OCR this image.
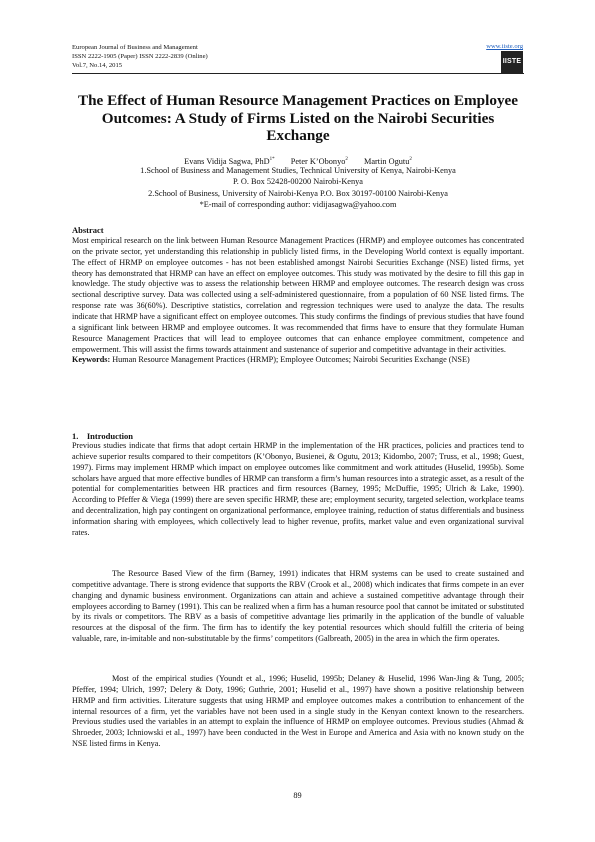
European Journal of Business and Management
ISSN 2222-1905 (Paper) ISSN 2222-2839 (Online)
Vol.7, No.14, 2015
www.iiste.org
IISTE
The Effect of Human Resource Management Practices on Employee Outcomes: A Study of Firms Listed on the Nairobi Securities Exchange
Evans Vidija Sagwa, PhD$^{1*}$ Peter K’Obonyo$^2$ Martin Ogutu$^2$
1.School of Business and Management Studies, Technical University of Kenya, Nairobi-Kenya
P. O. Box 52428-00200 Nairobi-Kenya
2.School of Business, University of Nairobi-Kenya P.O. Box 30197-00100 Nairobi-Kenya
*E-mail of corresponding author: vidijasagwa@yahoo.com
Abstract
Most empirical research on the link between Human Resource Management Practices (HRMP) and employee outcomes has concentrated on the private sector, yet understanding this relationship in publicly listed firms, in the Developing World context is equally important. The effect of HRMP on employee outcomes - has not been established amongst Nairobi Securities Exchange (NSE) listed firms, yet theory has demonstrated that HRMP can have an effect on employee outcomes. This study was motivated by the desire to fill this gap in knowledge. The study objective was to assess the relationship between HRMP and employee outcomes. The research design was cross sectional descriptive survey. Data was collected using a self-administered questionnaire, from a population of 60 NSE listed firms. The response rate was 36(60%). Descriptive statistics, correlation and regression techniques were used to analyze the data. The results indicate that HRMP have a significant effect on employee outcomes. This study confirms the findings of previous studies that have found a significant link between HRMP and employee outcomes. It was recommended that firms have to ensure that they formulate Human Resource Management Practices that will lead to employee outcomes that can enhance employee commitment, competence and empowerment. This will assist the firms towards attainment and sustenance of superior and competitive advantage in their activities.
Keywords: Human Resource Management Practices (HRMP); Employee Outcomes; Nairobi Securities Exchange (NSE)
1.    Introduction
Previous studies indicate that firms that adopt certain HRMP in the implementation of the HR practices, policies and practices tend to achieve superior results compared to their competitors (K’Obonyo, Busienei, & Ogutu, 2013; Kidombo, 2007; Truss, et al., 1998; Guest, 1997). Firms may implement HRMP which impact on employee outcomes like commitment and work attitudes (Huselid, 1995b). Some scholars have argued that more effective bundles of HRMP can transform a firm’s human resources into a strategic asset, as a result of the potential for complementarities between HR practices and firm resources (Barney, 1995; McDuffie, 1995; Ulrich & Lake, 1990). According to Pfeffer & Viega (1999) there are seven specific HRMP, these are; employment security, targeted selection, workplace teams and decentralization, high pay contingent on organizational performance, employee training, reduction of status differentials and business information sharing with employees, which collectively lead to higher revenue, profits, market value and even organizational survival rates.
The Resource Based View of the firm (Barney, 1991) indicates that HRM systems can be used to create sustained and competitive advantage. There is strong evidence that supports the RBV (Crook et al., 2008) which indicates that firms compete in an ever changing and dynamic business environment. Organizations can attain and achieve a sustained competitive advantage through their employees according to Barney (1991). This can be realized when a firm has a human resource pool that cannot be imitated or substituted by its rivals or competitors. The RBV as a basis of competitive advantage lies primarily in the application of the bundle of valuable resources at the disposal of the firm. The firm has to identify the key potential resources which should fulfill the criteria of being valuable, rare, in-imitable and non-substitutable by the firms’ competitors (Galbreath, 2005) in the area in which the firm operates.
Most of the empirical studies (Youndt et al., 1996; Huselid, 1995b; Delaney & Huselid, 1996 Wan-Jing & Tung, 2005; Pfeffer, 1994; Ulrich, 1997; Delery & Doty, 1996; Guthrie, 2001; Huselid et al., 1997) have shown a positive relationship between HRMP and firm activities. Literature suggests that using HRMP and employee outcomes makes a contribution to enhancement of the internal resources of a firm, yet the variables have not been used in a single study in the Kenyan context known to the researchers. Previous studies used the variables in an attempt to explain the influence of HRMP on employee outcomes. Previous studies (Ahmad & Shroeder, 2003; Ichniowski et al., 1997) have been conducted in the West in Europe and America and Asia with no known study on the NSE listed firms in Kenya.
89
